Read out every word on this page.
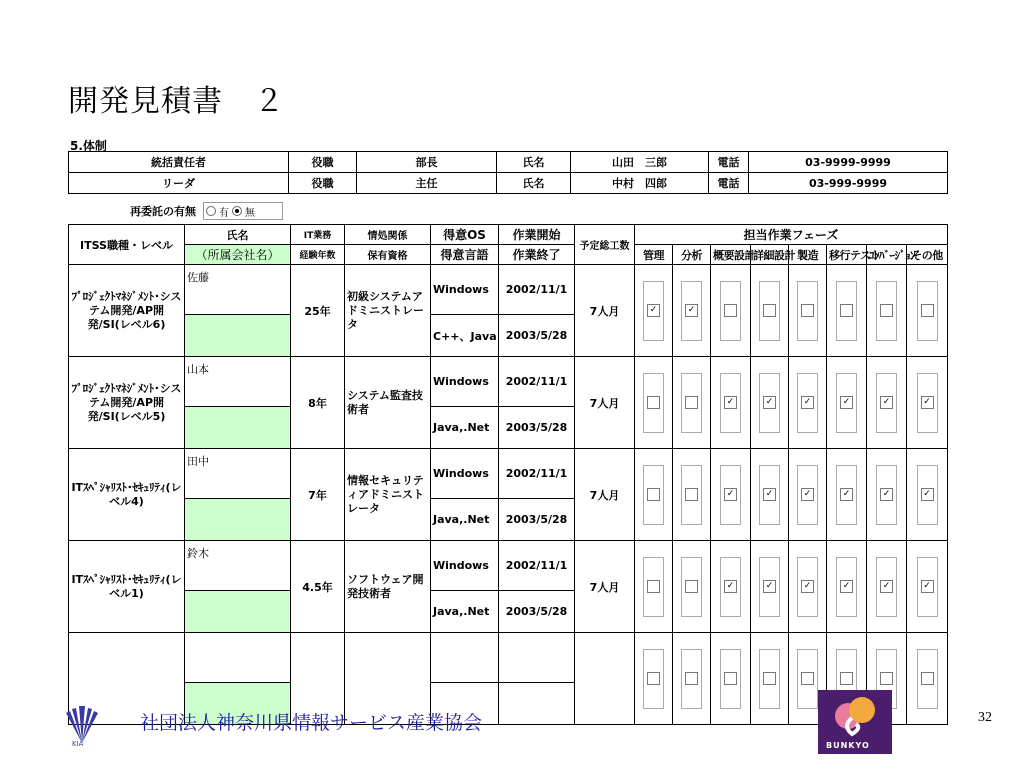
開発見積書　２
5.体制
統括責任者	役職	部長	氏名	山田　三郎	電話	03-9999-9999
リーダ	役職	主任	氏名	中村　四郎	電話	03-999-9999
再委託の有無 有 無
ITSS職種・レベル	氏名	IT業務	情処関係	得意OS	作業開始	予定総工数	担当作業フェーズ							
	（所属会社名）	経験年数	保有資格	得意言語	作業終了		管理	分析	概要設計	詳細設計	製造	移行テスト	ｺﾝﾊﾞｰｼﾞｮﾝ	その他
ﾌﾟﾛｼﾞｪｸﾄﾏﾈｼﾞﾒﾝﾄ･システム開発/AP開発/SI(レベル6)	佐藤	25年	初級システムアドミニストレータ	Windows	2002/11/1	7人月	✓	✓						

				C++、Java	2003/5/28									
ﾌﾟﾛｼﾞｪｸﾄﾏﾈｼﾞﾒﾝﾄ･システム開発/AP開発/SI(レベル5)	山本	8年	システム監査技術者	Windows	2002/11/1	7人月			✓	✓	✓	✓	✓	✓

				Java,.Net	2003/5/28									
ITｽﾍﾟｼｬﾘｽﾄ･ｾｷｭﾘﾃｨ(レベル4)	田中	7年	情報セキュリティアドミニストレータ	Windows	2002/11/1	7人月			✓	✓	✓	✓	✓	✓

				Java,.Net	2003/5/28									
ITｽﾍﾟｼｬﾘｽﾄ･ｾｷｭﾘﾃｨ(レベル1)	鈴木	4.5年	ソフトウェア開発技術者	Windows	2002/11/1	7人月			✓	✓	✓	✓	✓	✓

				Java,.Net	2003/5/28									

KIA
社団法人神奈川県情報サービス産業協会
BUNKYO
32
